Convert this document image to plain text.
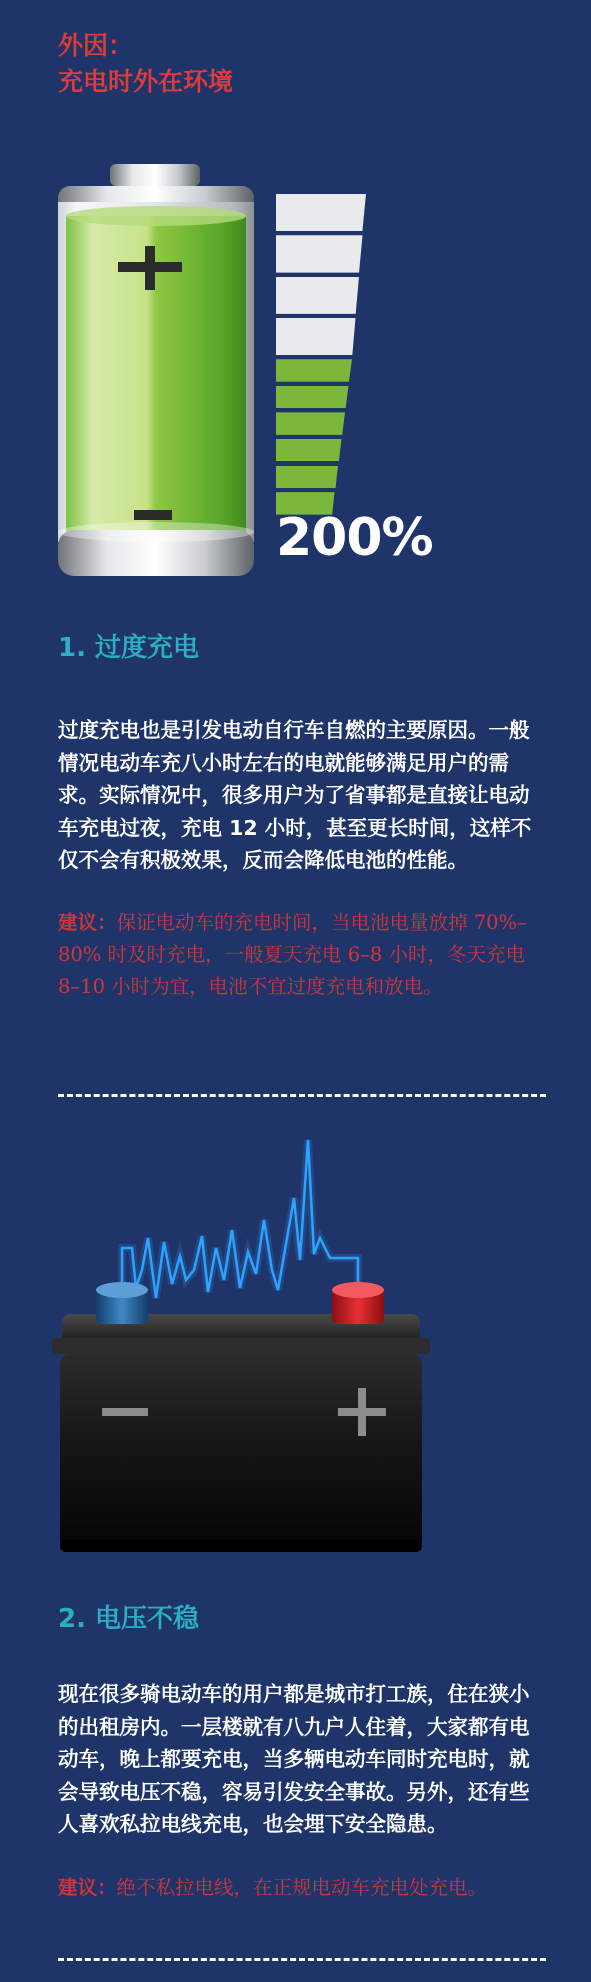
外因：
充电时外在环境
200%
1. 过度充电
过度充电也是引发电动自行车自燃的主要原因。一般情况电动车充八小时左右的电就能够满足用户的需求。实际情况中，很多用户为了省事都是直接让电动车充电过夜，充电 12 小时，甚至更长时间，这样不仅不会有积极效果，反而会降低电池的性能。
建议：保证电动车的充电时间，当电池电量放掉 70%–80% 时及时充电，一般夏天充电 6–8 小时，冬天充电 8–10 小时为宜，电池不宜过度充电和放电。
2. 电压不稳
现在很多骑电动车的用户都是城市打工族，住在狭小的出租房内。一层楼就有八九户人住着，大家都有电动车，晚上都要充电，当多辆电动车同时充电时，就会导致电压不稳，容易引发安全事故。另外，还有些人喜欢私拉电线充电，也会埋下安全隐患。
建议：绝不私拉电线，在正规电动车充电处充电。
